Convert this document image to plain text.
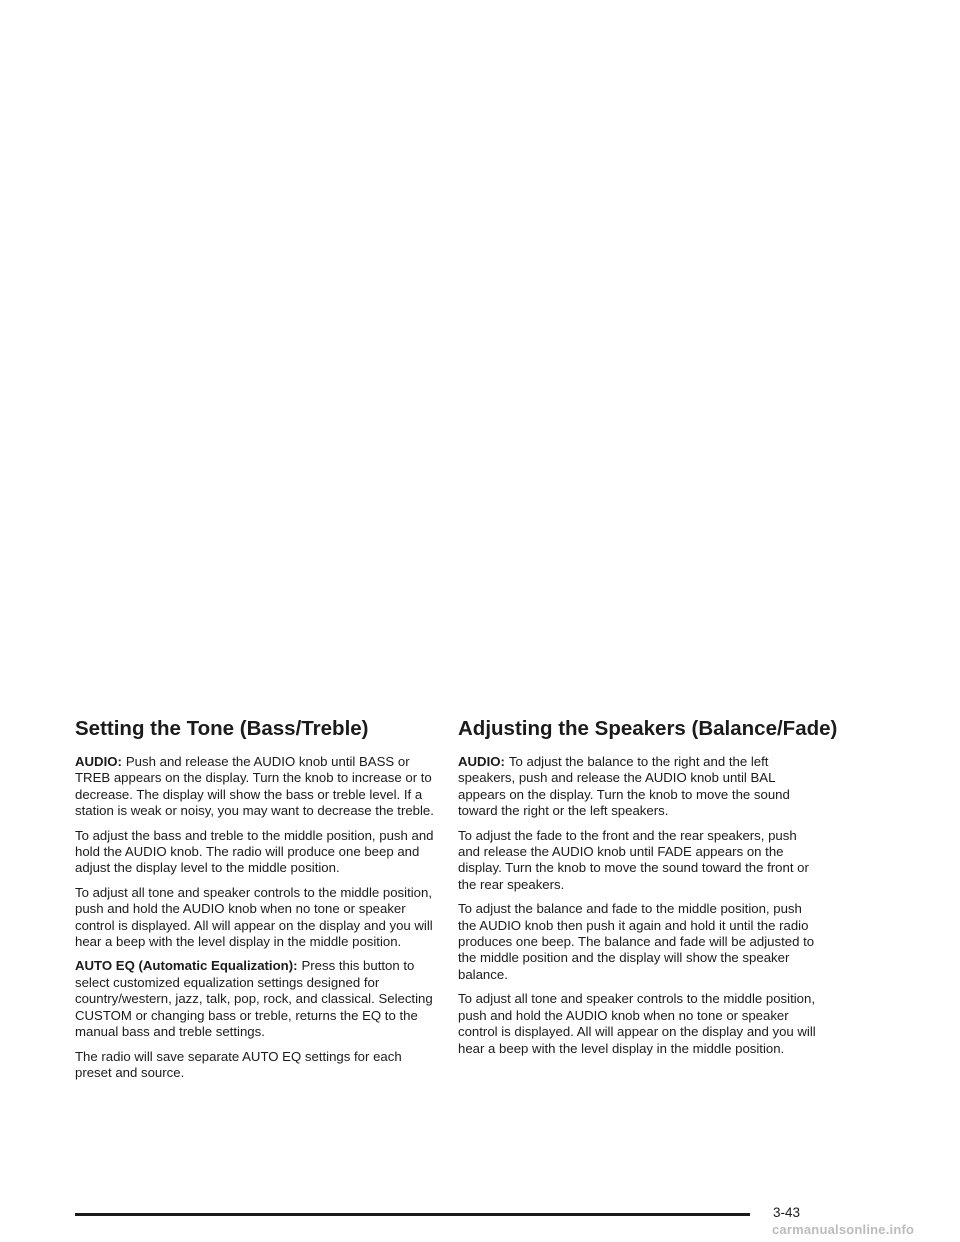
Setting the Tone (Bass/Treble)

AUDIO: Push and release the AUDIO knob until BASS or TREB appears on the display. Turn the knob to increase or to decrease. The display will show the bass or treble level. If a station is weak or noisy, you may want to decrease the treble.

To adjust the bass and treble to the middle position, push and hold the AUDIO knob. The radio will produce one beep and adjust the display level to the middle position.

To adjust all tone and speaker controls to the middle position, push and hold the AUDIO knob when no tone or speaker control is displayed. All will appear on the display and you will hear a beep with the level display in the middle position.

AUTO EQ (Automatic Equalization): Press this button to select customized equalization settings designed for country/western, jazz, talk, pop, rock, and classical. Selecting CUSTOM or changing bass or treble, returns the EQ to the manual bass and treble settings.

The radio will save separate AUTO EQ settings for each preset and source.

Adjusting the Speakers (Balance/Fade)

AUDIO: To adjust the balance to the right and the left speakers, push and release the AUDIO knob until BAL appears on the display. Turn the knob to move the sound toward the right or the left speakers.

To adjust the fade to the front and the rear speakers, push and release the AUDIO knob until FADE appears on the display. Turn the knob to move the sound toward the front or the rear speakers.

To adjust the balance and fade to the middle position, push the AUDIO knob then push it again and hold it until the radio produces one beep. The balance and fade will be adjusted to the middle position and the display will show the speaker balance.

To adjust all tone and speaker controls to the middle position, push and hold the AUDIO knob when no tone or speaker control is displayed. All will appear on the display and you will hear a beep with the level display in the middle position.

3-43
carmanualsonline.info
